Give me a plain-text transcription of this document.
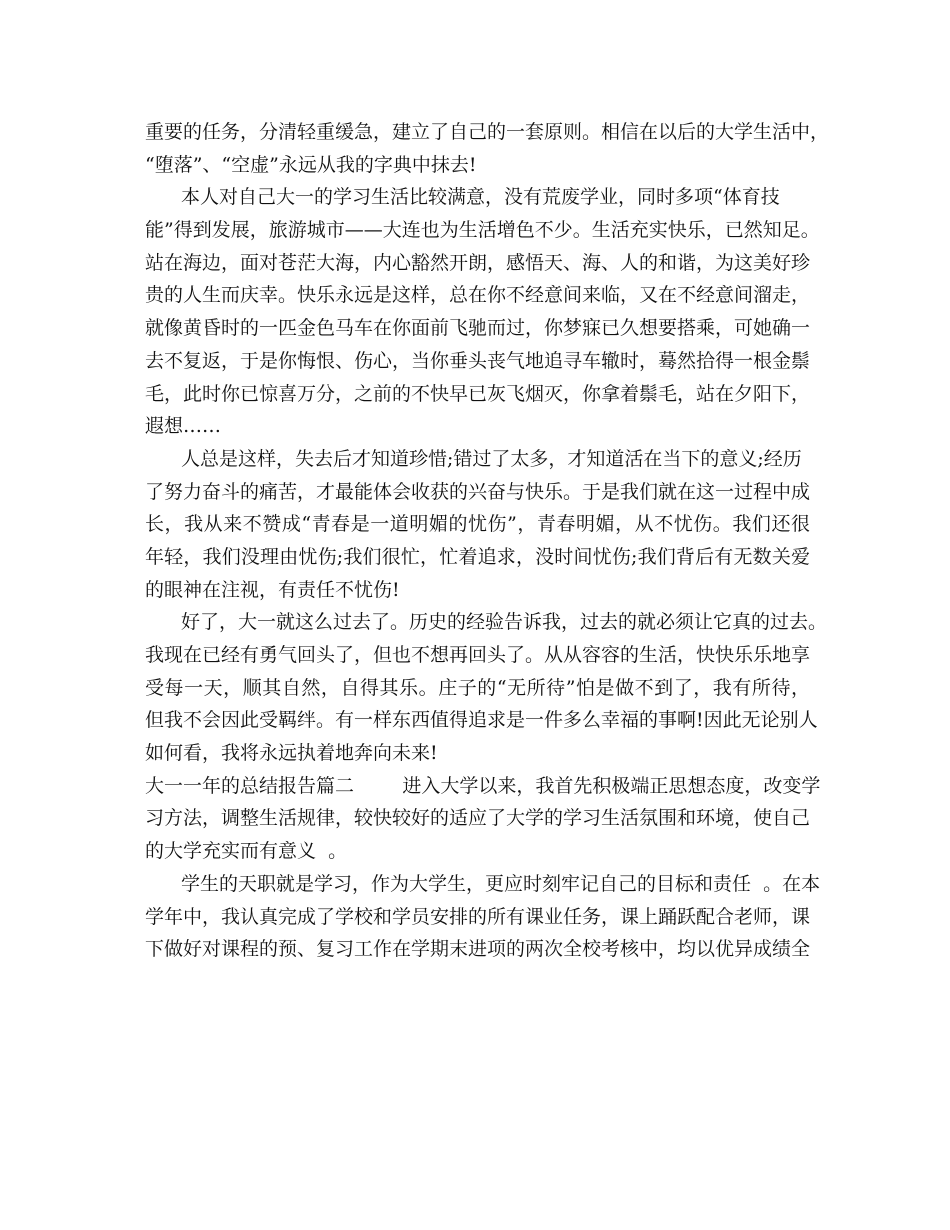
重要的任务，分清轻重缓急，建立了自己的一套原则。相信在以后的大学生活中，
“堕落”、“空虚”永远从我的字典中抹去!
本人对自己大一的学习生活比较满意，没有荒废学业，同时多项“体育技
能”得到发展，旅游城市——大连也为生活增色不少。生活充实快乐，已然知足。
站在海边，面对苍茫大海，内心豁然开朗，感悟天、海、人的和谐，为这美好珍
贵的人生而庆幸。快乐永远是这样，总在你不经意间来临，又在不经意间溜走，
就像黄昏时的一匹金色马车在你面前飞驰而过，你梦寐已久想要搭乘，可她确一
去不复返，于是你悔恨、伤心，当你垂头丧气地追寻车辙时，蓦然拾得一根金鬃
毛，此时你已惊喜万分，之前的不快早已灰飞烟灭，你拿着鬃毛，站在夕阳下，
遐想……
人总是这样，失去后才知道珍惜;错过了太多，才知道活在当下的意义;经历
了努力奋斗的痛苦，才最能体会收获的兴奋与快乐。于是我们就在这一过程中成
长，我从来不赞成“青春是一道明媚的忧伤”，青春明媚，从不忧伤。我们还很
年轻，我们没理由忧伤;我们很忙，忙着追求，没时间忧伤;我们背后有无数关爱
的眼神在注视，有责任不忧伤!
好了，大一就这么过去了。历史的经验告诉我，过去的就必须让它真的过去。
我现在已经有勇气回头了，但也不想再回头了。从从容容的生活，快快乐乐地享
受每一天，顺其自然，自得其乐。庄子的“无所待”怕是做不到了，我有所待，
但我不会因此受羁绊。有一样东西值得追求是一件多么幸福的事啊!因此无论别人
如何看，我将永远执着地奔向未来!
大一一年的总结报告篇二        进入大学以来，我首先积极端正思想态度，改变学
习方法，调整生活规律，较快较好的适应了大学的学习生活氛围和环境，使自己
的大学充实而有意义  。
学生的天职就是学习，作为大学生，更应时刻牢记自己的目标和责任  。在本
学年中，我认真完成了学校和学员安排的所有课业任务，课上踊跃配合老师，课
下做好对课程的预、复习工作在学期末进项的两次全校考核中，均以优异成绩全
